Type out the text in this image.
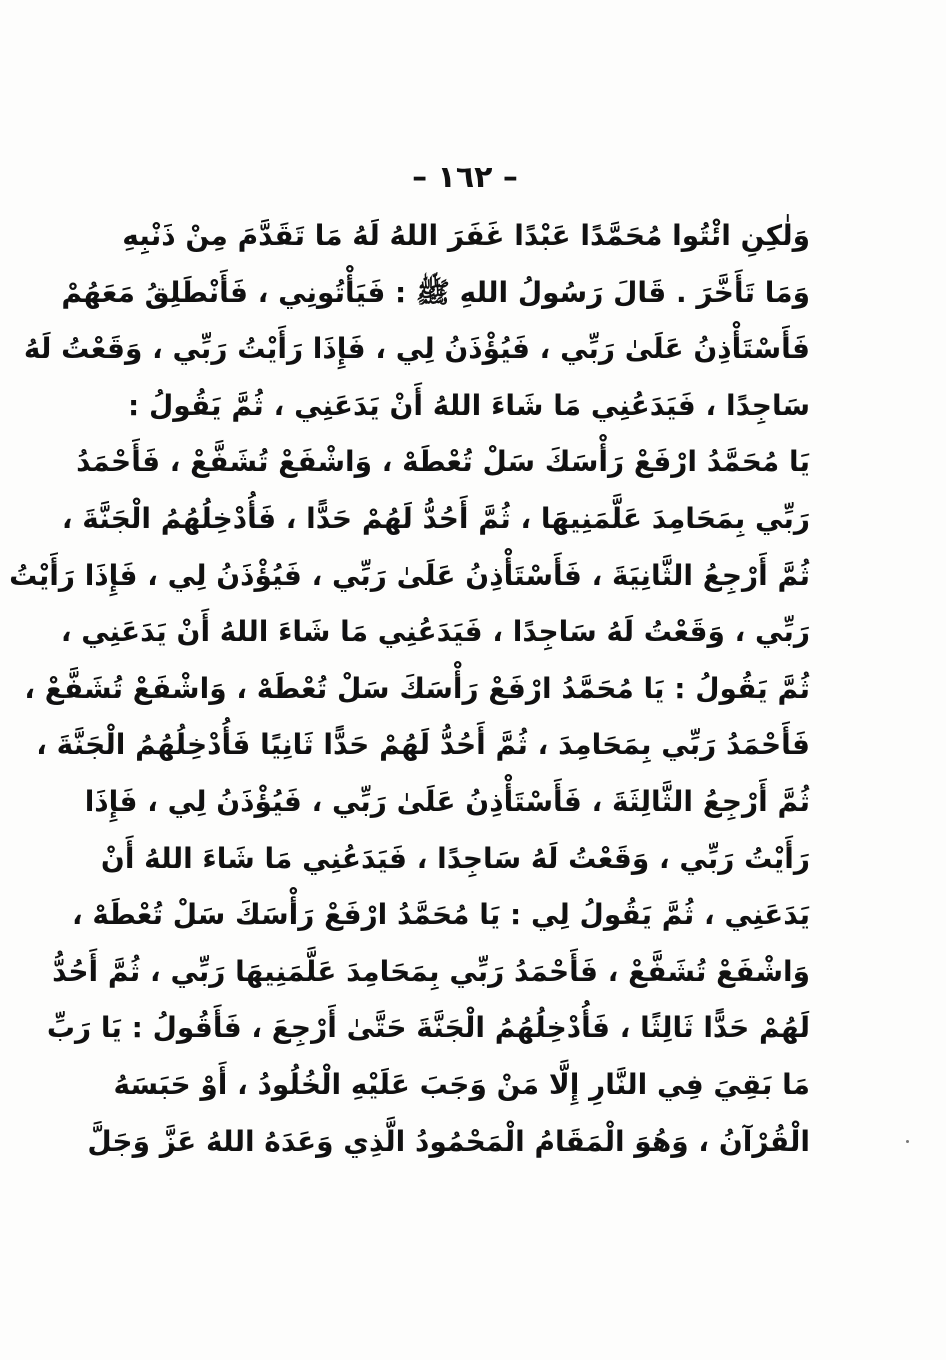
– ١٦٢ –
وَلٰكِنِ ائْتُوا مُحَمَّدًا عَبْدًا غَفَرَ اللهُ لَهُ مَا تَقَدَّمَ مِنْ ذَنْبِهِ
وَمَا تَأَخَّرَ . قَالَ رَسُولُ اللهِ ﷺ : فَيَأْتُونِي ، فَأَنْطَلِقُ مَعَهُمْ
فَأَسْتَأْذِنُ عَلَىٰ رَبِّي ، فَيُؤْذَنُ لِي ، فَإِذَا رَأَيْتُ رَبِّي ، وَقَعْتُ لَهُ
سَاجِدًا ، فَيَدَعُنِي مَا شَاءَ اللهُ أَنْ يَدَعَنِي ، ثُمَّ يَقُولُ :
يَا مُحَمَّدُ ارْفَعْ رَأْسَكَ سَلْ تُعْطَهْ ، وَاشْفَعْ تُشَفَّعْ ، فَأَحْمَدُ
رَبِّي بِمَحَامِدَ عَلَّمَنِيهَا ، ثُمَّ أَحُدُّ لَهُمْ حَدًّا ، فَأُدْخِلُهُمُ الْجَنَّةَ ،
ثُمَّ أَرْجِعُ الثَّانِيَةَ ، فَأَسْتَأْذِنُ عَلَىٰ رَبِّي ، فَيُؤْذَنُ لِي ، فَإِذَا رَأَيْتُ
رَبِّي ، وَقَعْتُ لَهُ سَاجِدًا ، فَيَدَعُنِي مَا شَاءَ اللهُ أَنْ يَدَعَنِي ،
ثُمَّ يَقُولُ : يَا مُحَمَّدُ ارْفَعْ رَأْسَكَ سَلْ تُعْطَهْ ، وَاشْفَعْ تُشَفَّعْ ،
فَأَحْمَدُ رَبِّي بِمَحَامِدَ ، ثُمَّ أَحُدُّ لَهُمْ حَدًّا ثَانِيًا فَأُدْخِلُهُمُ الْجَنَّةَ ،
ثُمَّ أَرْجِعُ الثَّالِثَةَ ، فَأَسْتَأْذِنُ عَلَىٰ رَبِّي ، فَيُؤْذَنُ لِي ، فَإِذَا
رَأَيْتُ رَبِّي ، وَقَعْتُ لَهُ سَاجِدًا ، فَيَدَعُنِي مَا شَاءَ اللهُ أَنْ
يَدَعَنِي ، ثُمَّ يَقُولُ لِي : يَا مُحَمَّدُ ارْفَعْ رَأْسَكَ سَلْ تُعْطَهْ ،
وَاشْفَعْ تُشَفَّعْ ، فَأَحْمَدُ رَبِّي بِمَحَامِدَ عَلَّمَنِيهَا رَبِّي ، ثُمَّ أَحُدُّ
لَهُمْ حَدًّا ثَالِثًا ، فَأُدْخِلُهُمُ الْجَنَّةَ حَتَّىٰ أَرْجِعَ ، فَأَقُولُ : يَا رَبِّ
مَا بَقِيَ فِي النَّارِ إِلَّا مَنْ وَجَبَ عَلَيْهِ الْخُلُودُ ، أَوْ حَبَسَهُ
الْقُرْآنُ ، وَهُوَ الْمَقَامُ الْمَحْمُودُ الَّذِي وَعَدَهُ اللهُ عَزَّ وَجَلَّ
